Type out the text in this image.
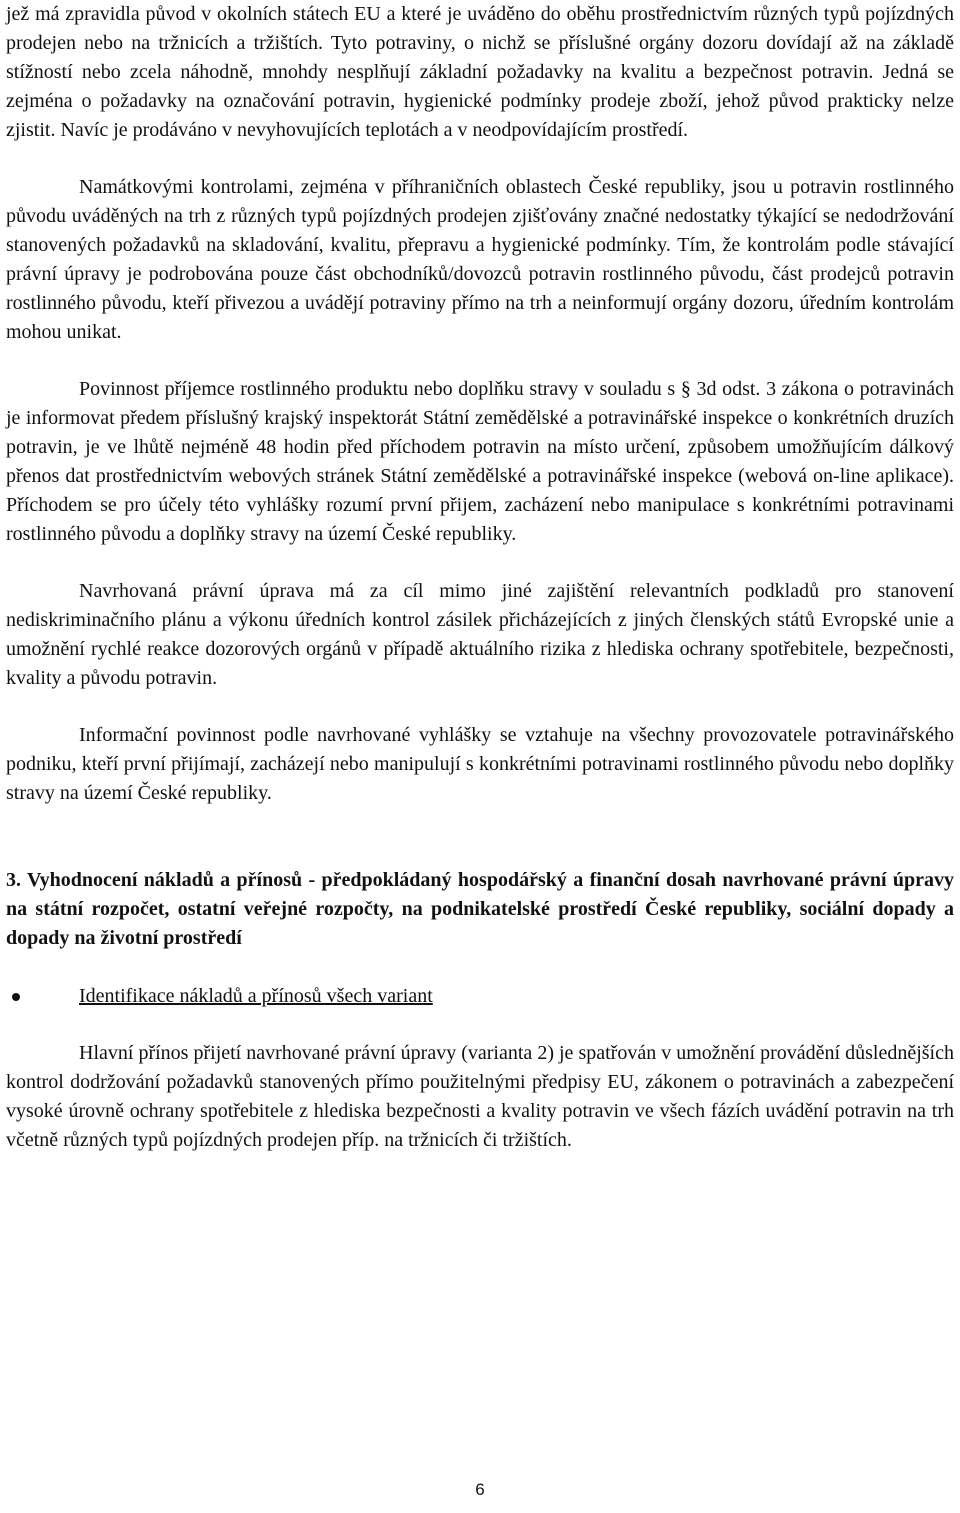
jež má zpravidla původ v okolních státech EU a které je uváděno do oběhu prostřednictvím různých typů pojízdných prodejen nebo na tržnicích a tržištích. Tyto potraviny, o nichž se příslušné orgány dozoru dovídají až na základě stížností nebo zcela náhodně, mnohdy nesplňují základní požadavky na kvalitu a bezpečnost potravin. Jedná se zejména o požadavky na označování potravin, hygienické podmínky prodeje zboží, jehož původ prakticky nelze zjistit. Navíc je prodáváno v nevyhovujících teplotách a v neodpovídajícím prostředí.

Namátkovými kontrolami, zejména v příhraničních oblastech České republiky, jsou u potravin rostlinného původu uváděných na trh z různých typů pojízdných prodejen zjišťovány značné nedostatky týkající se nedodržování stanovených požadavků na skladování, kvalitu, přepravu a hygienické podmínky. Tím, že kontrolám podle stávající právní úpravy je podrobována pouze část obchodníků/dovozců potravin rostlinného původu, část prodejců potravin rostlinného původu, kteří přivezou a uvádějí potraviny přímo na trh a neinformují orgány dozoru, úředním kontrolám mohou unikat.

Povinnost příjemce rostlinného produktu nebo doplňku stravy v souladu s § 3d odst. 3 zákona o potravinách je informovat předem příslušný krajský inspektorát Státní zemědělské a potravinářské inspekce o konkrétních druzích potravin, je ve lhůtě nejméně 48 hodin před příchodem potravin na místo určení, způsobem umožňujícím dálkový přenos dat prostřednictvím webových stránek Státní zemědělské a potravinářské inspekce (webová on-line aplikace). Příchodem se pro účely této vyhlášky rozumí první přijem, zacházení nebo manipulace s konkrétními potravinami rostlinného původu a doplňky stravy na území České republiky.

Navrhovaná právní úprava má za cíl mimo jiné zajištění relevantních podkladů pro stanovení nediskriminačního plánu a výkonu úředních kontrol zásilek přicházejících z jiných členských států Evropské unie a umožnění rychlé reakce dozorových orgánů v případě aktuálního rizika z hlediska ochrany spotřebitele, bezpečnosti, kvality a původu potravin.

Informační povinnost podle navrhované vyhlášky se vztahuje na všechny provozovatele potravinářského podniku, kteří první přijímají, zacházejí nebo manipulují s konkrétními potravinami rostlinného původu nebo doplňky stravy na území České republiky.

3. Vyhodnocení nákladů a přínosů - předpokládaný hospodářský a finanční dosah navrhované právní úpravy na státní rozpočet, ostatní veřejné rozpočty, na podnikatelské prostředí České republiky, sociální dopady a dopady na životní prostředí

Identifikace nákladů a přínosů všech variant

Hlavní přínos přijetí navrhované právní úpravy (varianta 2) je spatřován v umožnění provádění důslednějších kontrol dodržování požadavků stanovených přímo použitelnými předpisy EU, zákonem o potravinách a zabezpečení vysoké úrovně ochrany spotřebitele z hlediska bezpečnosti a kvality potravin ve všech fázích uvádění potravin na trh včetně různých typů pojízdných prodejen příp. na tržnicích či tržištích.

6
